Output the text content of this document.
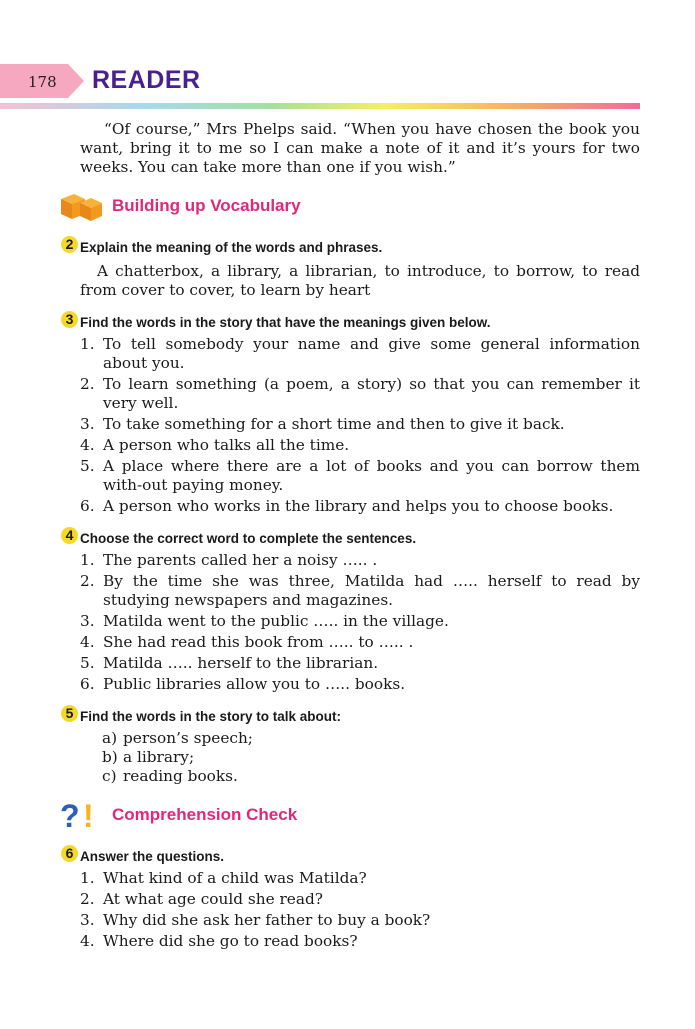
178 READER

“Of course,” Mrs Phelps said. “When you have chosen the book you want, bring it to me so I can make a note of it and it’s yours for two weeks. You can take more than one if you wish.”

Building up Vocabulary
2 Explain the meaning of the words and phrases.

A chatterbox, a library, a librarian, to introduce, to borrow, to read from cover to cover, to learn by heart

3 Find the words in the story that have the meanings given below.
1. To tell somebody your name and give some general information about you.
2. To learn something (a poem, a story) so that you can remember it very well.
3. To take something for a short time and then to give it back.
4. A person who talks all the time.
5. A place where there are a lot of books and you can borrow them with-out paying money.
6. A person who works in the library and helps you to choose books.
4 Choose the correct word to complete the sentences.
1. The parents called her a noisy ….. .
2. By the time she was three, Matilda had ….. herself to read by studying newspapers and magazines.
3. Matilda went to the public ….. in the village.
4. She had read this book from ….. to ….. .
5. Matilda ….. herself to the librarian.
6. Public libraries allow you to ….. books.
5 Find the words in the story to talk about:
a) person’s speech;
b) a library;
c) reading books.
? ! Comprehension Check
6 Answer the questions.
1. What kind of a child was Matilda?
2. At what age could she read?
3. Why did she ask her father to buy a book?
4. Where did she go to read books?
